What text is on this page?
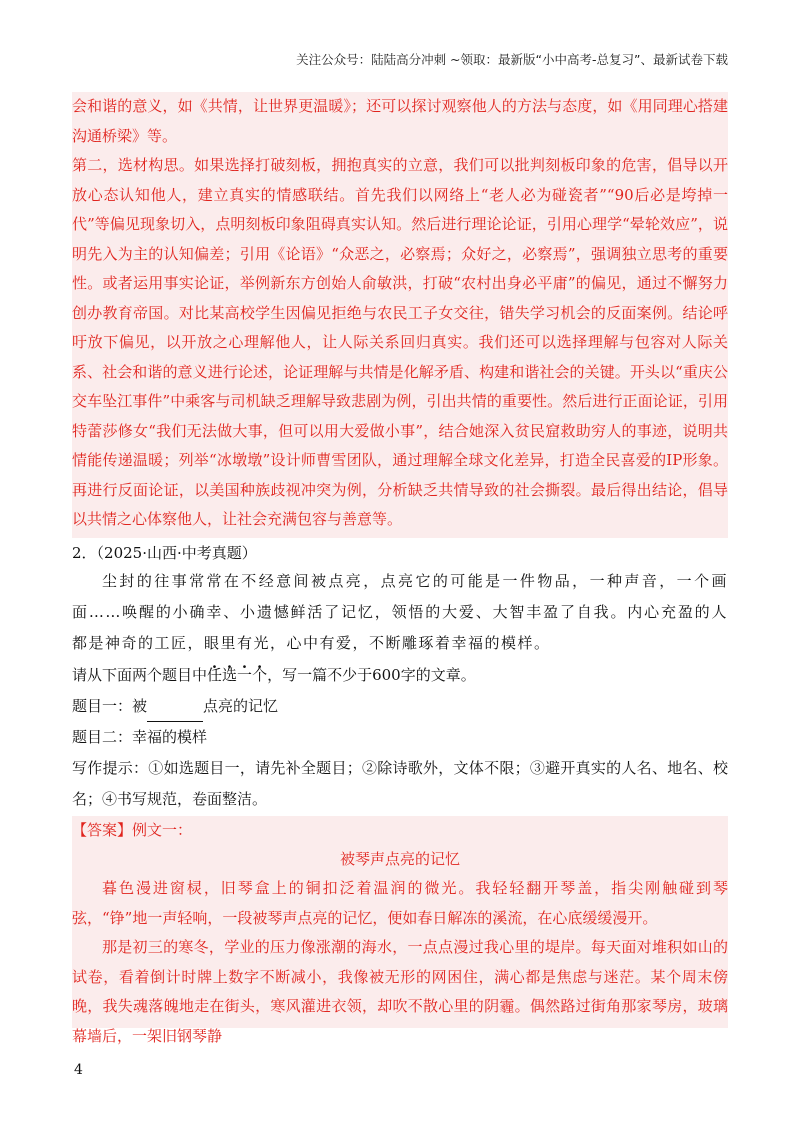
关注公众号：陆陆高分冲刺 ~领取：最新版“小中高考-总复习”、最新试卷下载

会和谐的意义，如《共情，让世界更温暖》；还可以探讨观察他人的方法与态度，如《用同理心搭建沟通桥梁》等。

第二，选材构思。如果选择打破刻板，拥抱真实的立意，我们可以批判刻板印象的危害，倡导以开放心态认知他人，建立真实的情感联结。首先我们以网络上“老人必为碰瓷者”“90后必是垮掉一代”等偏见现象切入，点明刻板印象阻碍真实认知。然后进行理论论证，引用心理学“晕轮效应”，说明先入为主的认知偏差；引用《论语》“众恶之，必察焉；众好之，必察焉”，强调独立思考的重要性。或者运用事实论证，举例新东方创始人俞敏洪，打破“农村出身必平庸”的偏见，通过不懈努力创办教育帝国。对比某高校学生因偏见拒绝与农民工子女交往，错失学习机会的反面案例。结论呼吁放下偏见，以开放之心理解他人，让人际关系回归真实。我们还可以选择理解与包容对人际关系、社会和谐的意义进行论述，论证理解与共情是化解矛盾、构建和谐社会的关键。开头以“重庆公交车坠江事件”中乘客与司机缺乏理解导致悲剧为例，引出共情的重要性。然后进行正面论证，引用特蕾莎修女“我们无法做大事，但可以用大爱做小事”，结合她深入贫民窟救助穷人的事迹，说明共情能传递温暖；列举“冰墩墩”设计师曹雪团队，通过理解全球文化差异，打造全民喜爱的IP形象。再进行反面论证，以美国种族歧视冲突为例，分析缺乏共情导致的社会撕裂。最后得出结论，倡导以共情之心体察他人，让社会充满包容与善意等。

2．（2025·山西·中考真题）

尘封的往事常常在不经意间被点亮，点亮它的可能是一件物品，一种声音，一个画面……唤醒的小确幸、小遗憾鲜活了记忆，领悟的大爱、大智丰盈了自我。内心充盈的人都是神奇的工匠，眼里有光，心中有爱，不断雕琢着幸福的模样。

请从下面两个题目中任选一个，写一篇不少于600字的文章。

题目一：被	点亮的记忆

题目二：幸福的模样

写作提示：①如选题目一，请先补全题目；②除诗歌外，文体不限；③避开真实的人名、地名、校名；④书写规范，卷面整洁。

【答案】例文一：

被琴声点亮的记忆

暮色漫进窗棂，旧琴盒上的铜扣泛着温润的微光。我轻轻翻开琴盖，指尖刚触碰到琴弦，“铮”地一声轻响，一段被琴声点亮的记忆，便如春日解冻的溪流，在心底缓缓漫开。

那是初三的寒冬，学业的压力像涨潮的海水，一点点漫过我心里的堤岸。每天面对堆积如山的试卷，看着倒计时牌上数字不断减小，我像被无形的网困住，满心都是焦虑与迷茫。某个周末傍晚，我失魂落魄地走在街头，寒风灌进衣领，却吹不散心里的阴霾。偶然路过街角那家琴房，玻璃幕墙后，一架旧钢琴静

4
